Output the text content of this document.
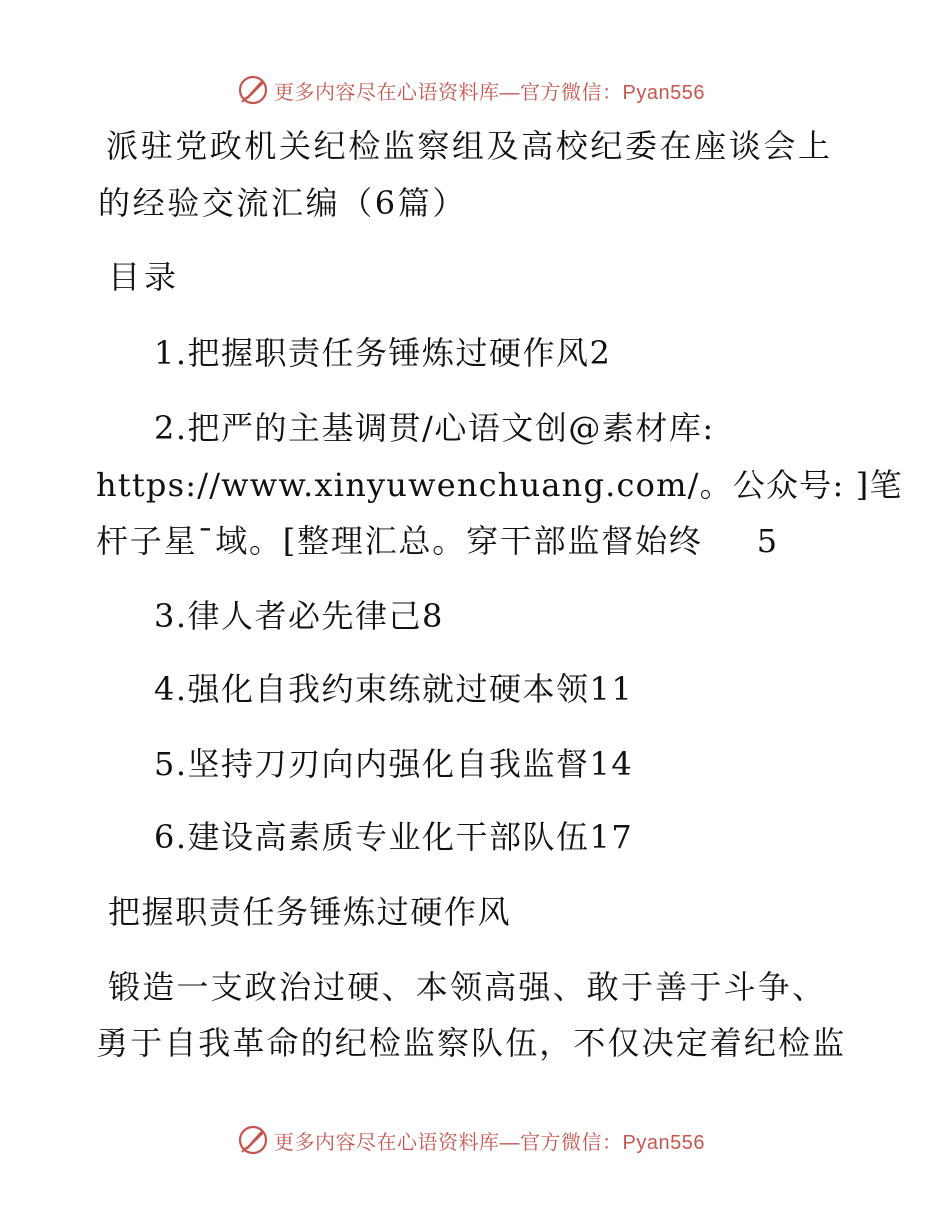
更多内容尽在心语资料库—官方微信：Pyan556
派驻党政机关纪检监察组及高校纪委在座谈会上
的经验交流汇编（6篇）
目录
1.把握职责任务锤炼过硬作风2
2.把严的主基调贯/心语文创@素材库:
https://www.xinyuwenchuang.com/。公众号: ]笔
杆子星¯域。[整理汇总。穿干部监督始终 5
3.律人者必先律己8
4.强化自我约束练就过硬本领11
5.坚持刀刃向内强化自我监督14
6.建设高素质专业化干部队伍17
把握职责任务锤炼过硬作风
锻造一支政治过硬、本领高强、敢于善于斗争、
勇于自我革命的纪检监察队伍，不仅决定着纪检监
更多内容尽在心语资料库—官方微信：Pyan556
